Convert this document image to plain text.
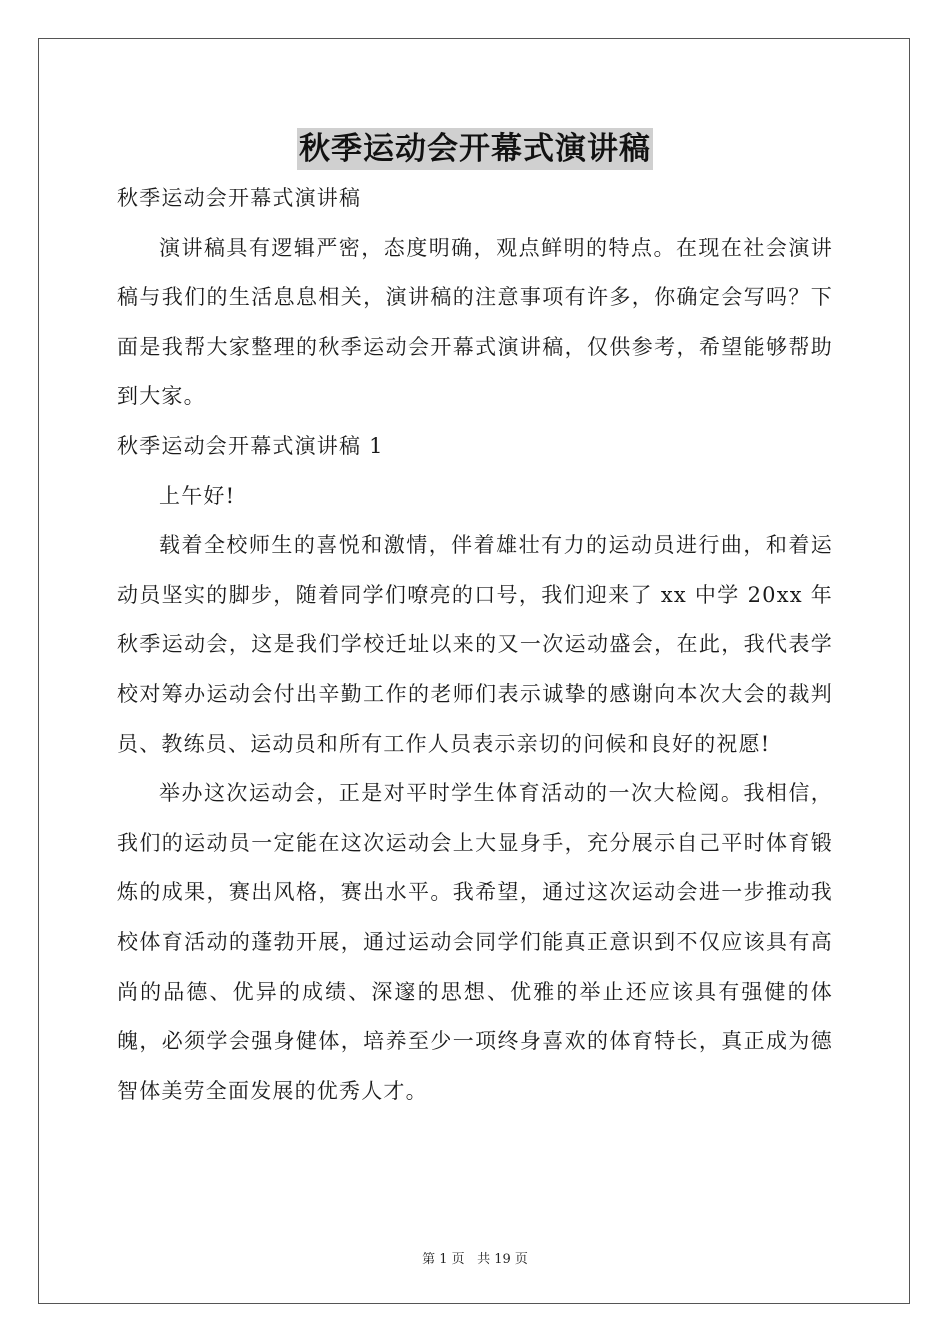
秋季运动会开幕式演讲稿

秋季运动会开幕式演讲稿

演讲稿具有逻辑严密，态度明确，观点鲜明的特点。在现在社会演讲稿与我们的生活息息相关，演讲稿的注意事项有许多，你确定会写吗？下面是我帮大家整理的秋季运动会开幕式演讲稿，仅供参考，希望能够帮助到大家。

秋季运动会开幕式演讲稿 1

上午好!

载着全校师生的喜悦和激情，伴着雄壮有力的运动员进行曲，和着运动员坚实的脚步，随着同学们嘹亮的口号，我们迎来了 xx 中学 20xx 年秋季运动会，这是我们学校迁址以来的又一次运动盛会，在此，我代表学校对筹办运动会付出辛勤工作的老师们表示诚挚的感谢向本次大会的裁判员、教练员、运动员和所有工作人员表示亲切的问候和良好的祝愿!

举办这次运动会，正是对平时学生体育活动的一次大检阅。我相信，我们的运动员一定能在这次运动会上大显身手，充分展示自己平时体育锻炼的成果，赛出风格，赛出水平。我希望，通过这次运动会进一步推动我校体育活动的蓬勃开展，通过运动会同学们能真正意识到不仅应该具有高尚的品德、优异的成绩、深邃的思想、优雅的举止还应该具有强健的体魄，必须学会强身健体，培养至少一项终身喜欢的体育特长，真正成为德智体美劳全面发展的优秀人才。

第 1 页 共 19 页
